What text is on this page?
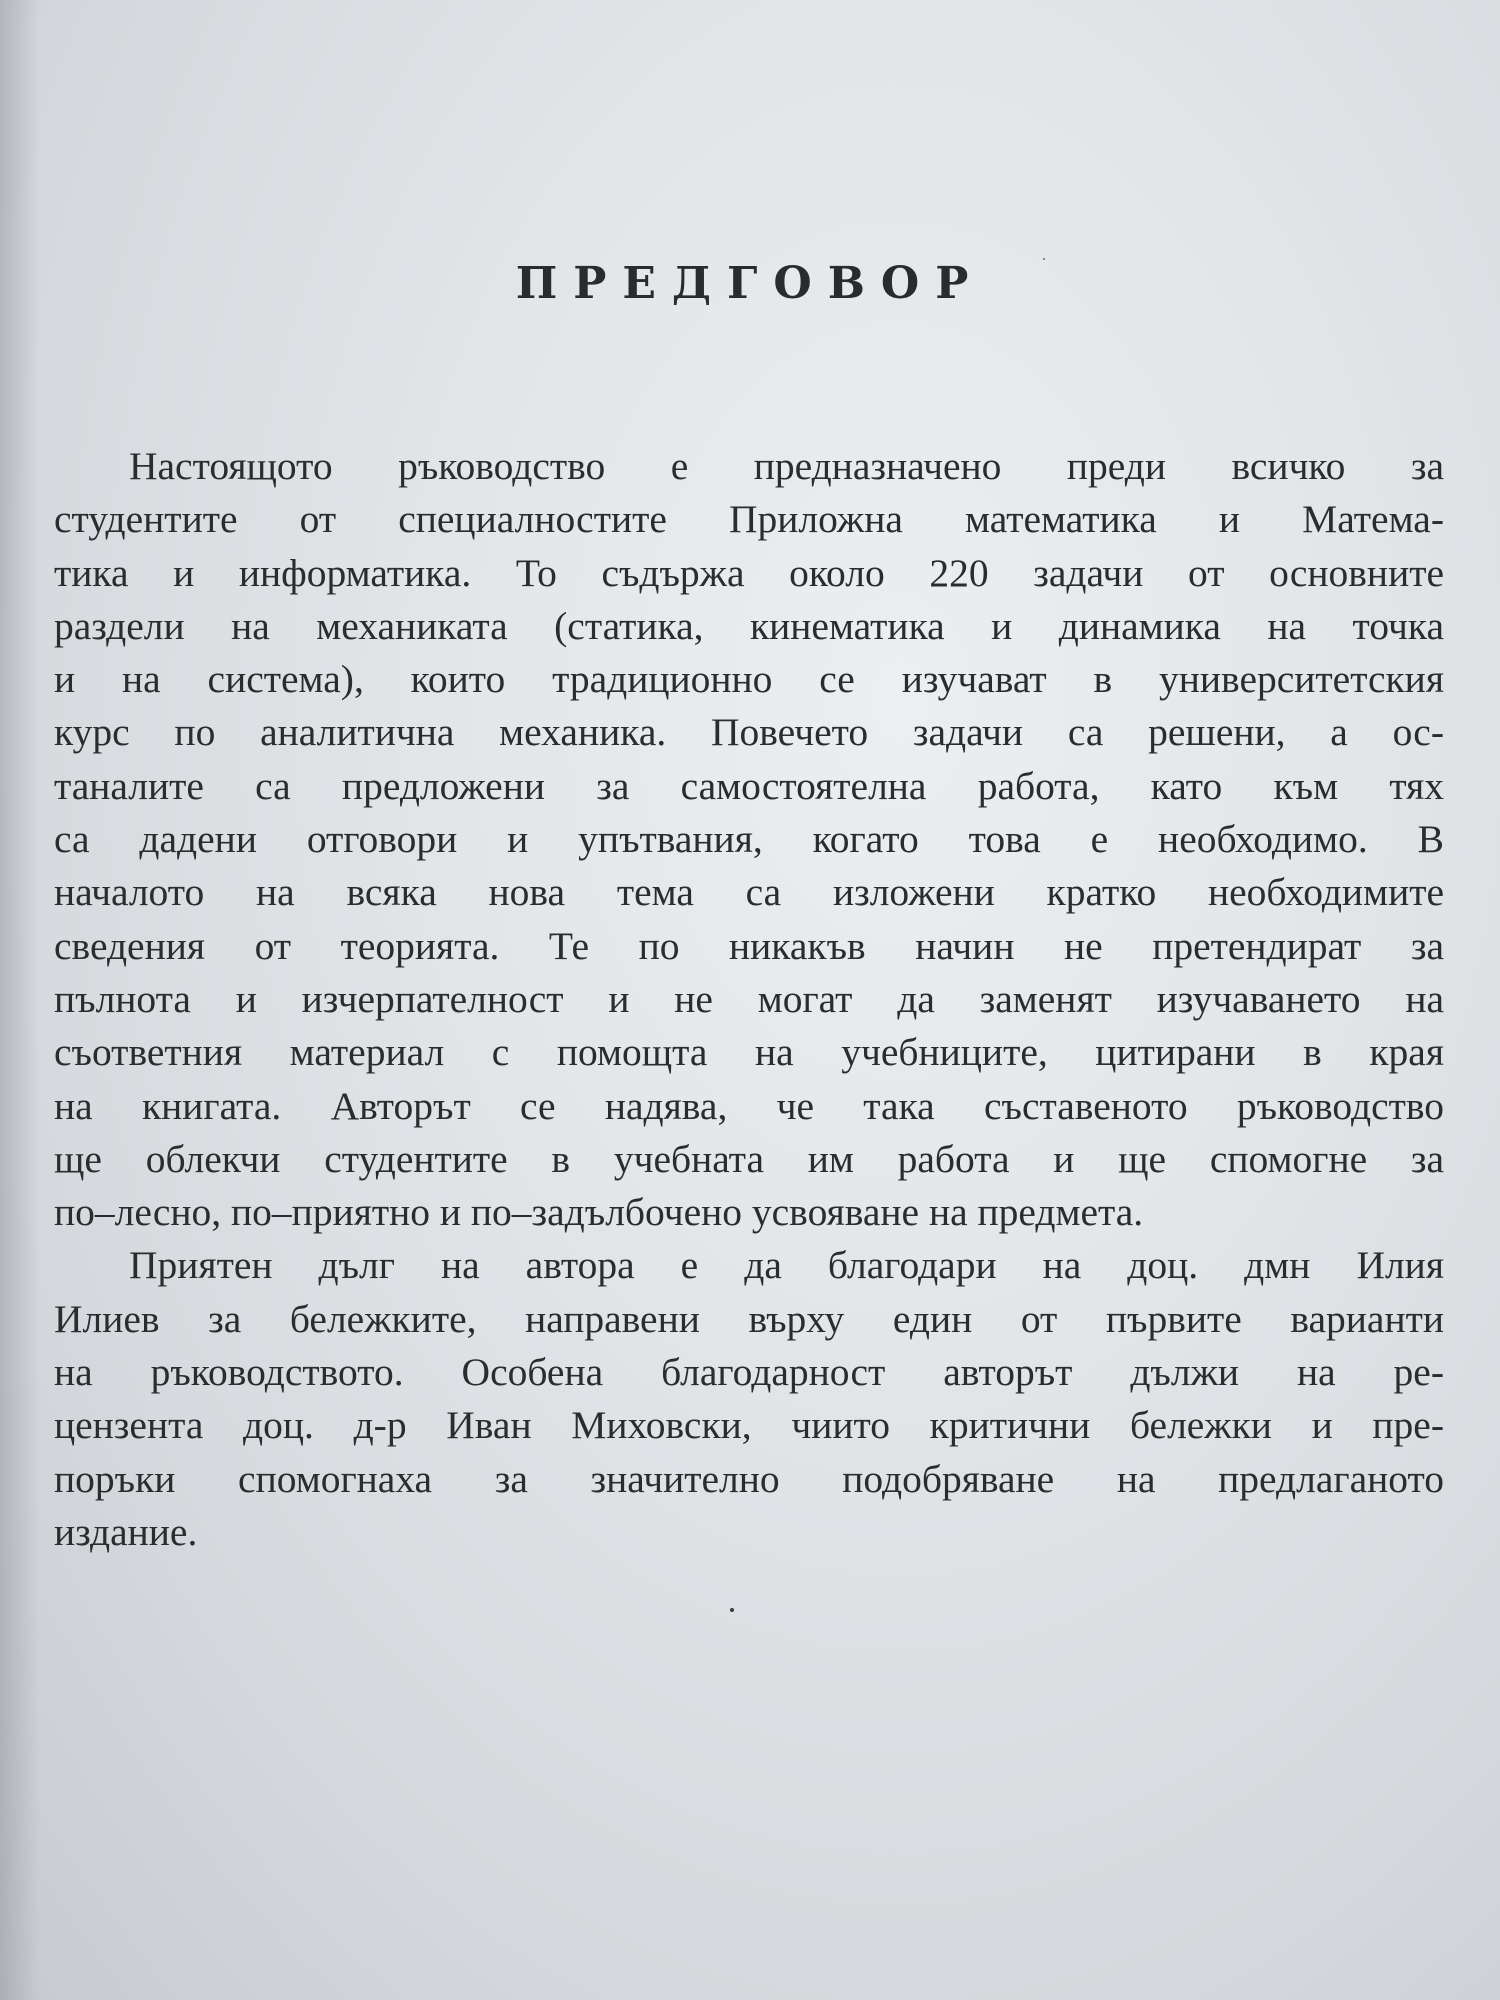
ПРЕДГОВОР
Настоящото ръководство е предназначено преди всичко за
студентите от специалностите Приложна математика и Матема-
тика и информатика. То съдържа около 220 задачи от основните
раздели на механиката (статика, кинематика и динамика на точка
и на система), които традиционно се изучават в университетския
курс по аналитична механика. Повечето задачи са решени, а ос-
таналите са предложени за самостоятелна работа, като към тях
са дадени отговори и упътвания, когато това е необходимо. В
началото на всяка нова тема са изложени кратко необходимите
сведения от теорията. Те по никакъв начин не претендират за
пълнота и изчерпателност и не могат да заменят изучаването на
съответния материал с помощта на учебниците, цитирани в края
на книгата. Авторът се надява, че така съставеното ръководство
ще облекчи студентите в учебната им работа и ще спомогне за
по–лесно, по–приятно и по–задълбочено усвояване на предмета.
Приятен дълг на автора е да благодари на доц. дмн Илия
Илиев за бележките, направени върху един от първите варианти
на ръководството. Особена благодарност авторът дължи на ре-
цензента доц. д-р Иван Миховски, чиито критични бележки и пре-
поръки спомогнаха за значително подобряване на предлаганото
издание.
